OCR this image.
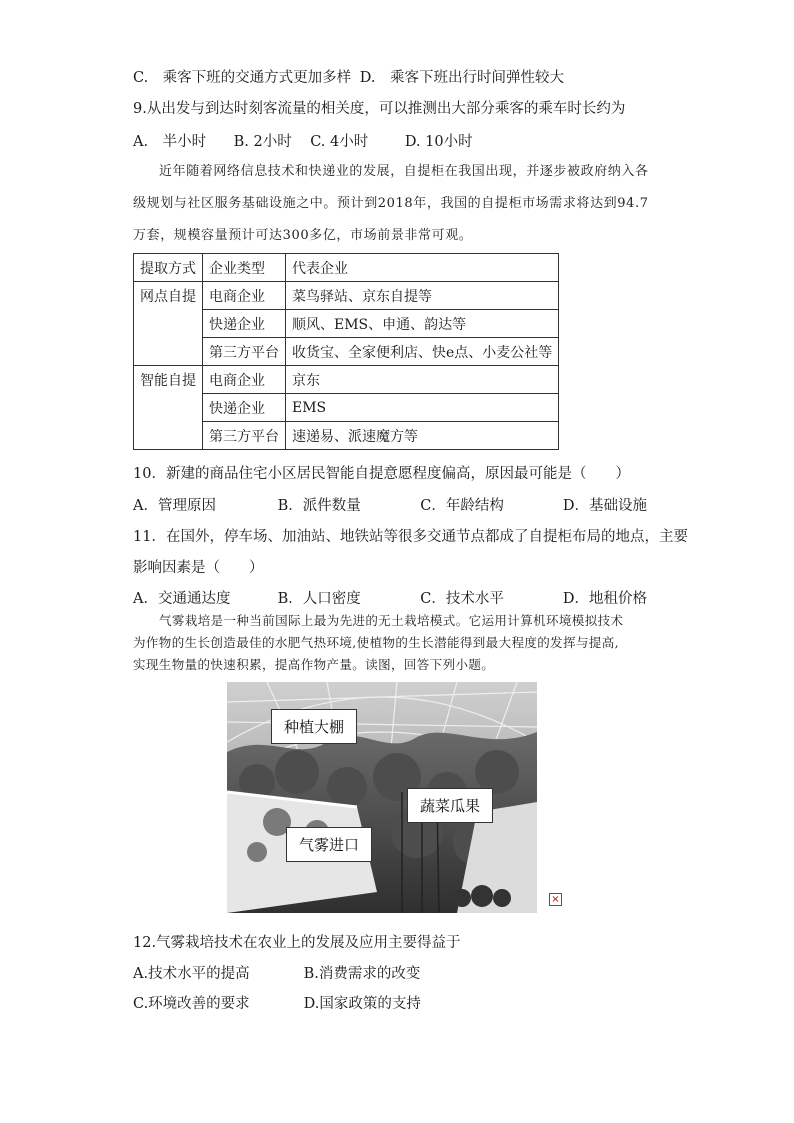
C.　乘客下班的交通方式更加多样 D.　乘客下班出行时间弹性较大
9.从出发与到达时刻客流量的相关度，可以推测出大部分乘客的乘车时长约为
A.　半小时 B. 2小时 C. 4小时	D. 10小时
近年随着网络信息技术和快递业的发展，自提柜在我国出现，并逐步被政府纳入各
级规划与社区服务基础设施之中。预计到2018年，我国的自提柜市场需求将达到94.7
万套，规模容量预计可达300多亿，市场前景非常可观。
提取方式	企业类型	代表企业
网点自提	电商企业	菜鸟驿站、京东自提等
	快递企业	顺风、EMS、申通、韵达等
	第三方平台	收货宝、全家便利店、快e点、小麦公社等
智能自提	电商企业	京东
	快递企业	EMS
	第三方平台	速递易、派速魔方等
10．新建的商品住宅小区居民智能自提意愿程度偏高，原因最可能是（　　）
A．管理原因	B．派件数量	C．年龄结构	D．基础设施
11．在国外，停车场、加油站、地铁站等很多交通节点都成了自提柜布局的地点，主要
影响因素是（　　）
A．交通通达度	B．人口密度	C．技术水平	D．地租价格
气雾栽培是一种当前国际上最为先进的无土栽培模式。它运用计算机环境模拟技术
为作物的生长创造最佳的水肥气热环境,使植物的生长潜能得到最大程度的发挥与提高,
实现生物量的快速积累，提高作物产量。读图，回答下列小题。
种植大棚
蔬菜瓜果
气雾进口
×
12.气雾栽培技术在农业上的发展及应用主要得益于
A.技术水平的提高	B.消费需求的改变
C.环境改善的要求	D.国家政策的支持
